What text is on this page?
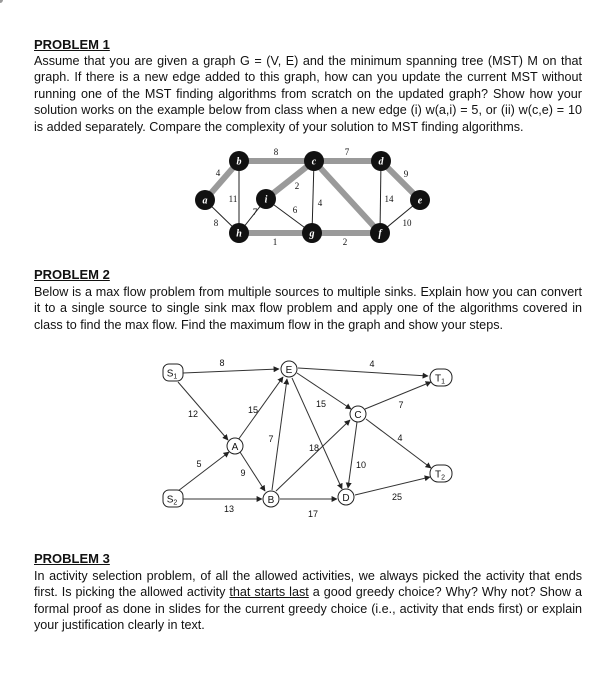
PROBLEM 1
Assume that you are given a graph G = (V, E) and the minimum spanning tree (MST) M on that graph. If there is a new edge added to this graph, how can you update the current MST without running one of the MST finding algorithms from scratch on the updated graph? Show how your solution works on the example below from class when a new edge (i) w(a,i) = 5, or (ii) w(c,e) = 10 is added separately. Compare the complexity of your solution to MST finding algorithms.
a
b	c	d
e
f
g
h
i
4
8	7
11
8
2
7	6
1	2
4	14
9
10
PROBLEM 2
Below is a max flow problem from multiple sources to multiple sinks. Explain how you can convert it to a single source to single sink max flow problem and apply one of the algorithms covered in class to find the max flow. Find the maximum flow in the graph and show your steps.
$S_1$
$S_2$
$T_1$
$T_2$
E
A
B
C
D
8
12
5
13
15
9
7
18
15
4
7
4
10
25
17
PROBLEM 3
In activity selection problem, of all the allowed activities, we always picked the activity that ends first. Is picking the allowed activity that starts last a good greedy choice? Why? Why not? Show a formal proof as done in slides for the current greedy choice (i.e., activity that ends first) or explain your justification clearly in text.
